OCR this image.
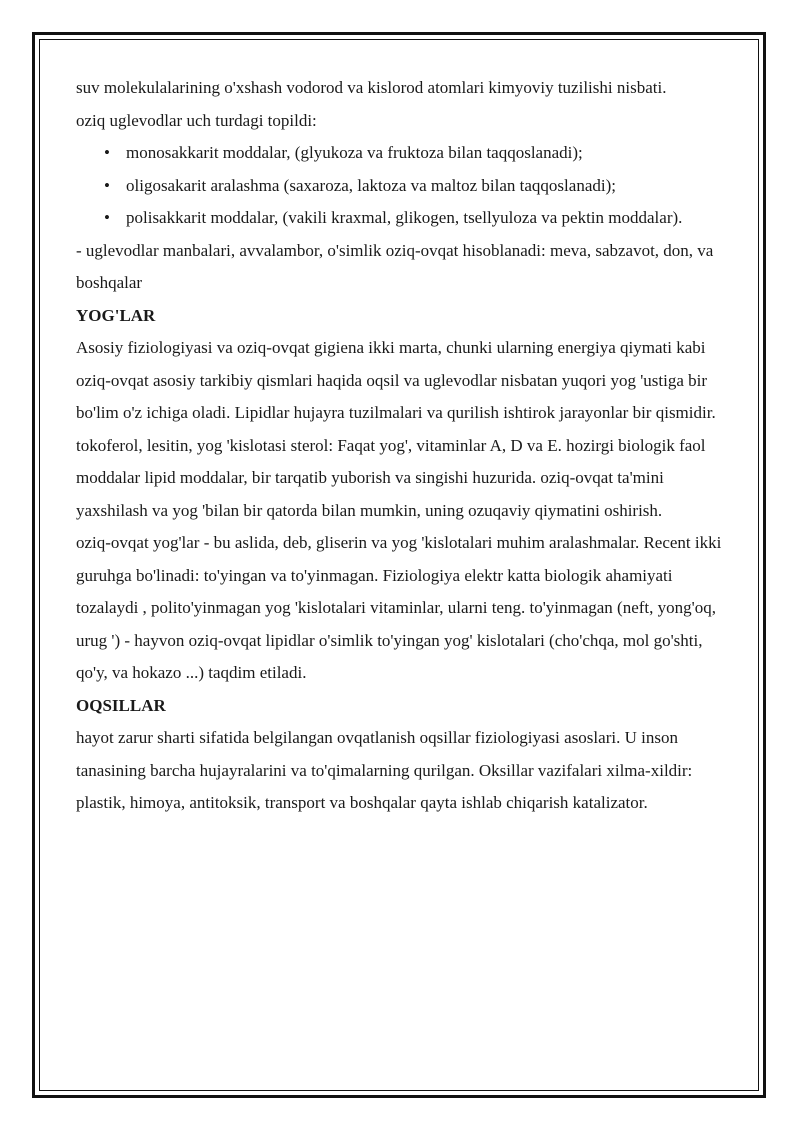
suv molekulalarining o'xshash vodorod va kislorod atomlari kimyoviy tuzilishi nisbati.

oziq uglevodlar uch turdagi topildi:

• monosakkarit moddalar, (glyukoza va fruktoza bilan taqqoslanadi);
• oligosakarit aralashma (saxaroza, laktoza va maltoz bilan taqqoslanadi);
• polisakkarit moddalar, (vakili kraxmal, glikogen, tsellyuloza va pektin moddalar).

- uglevodlar manbalari, avvalambor, o'simlik oziq-ovqat hisoblanadi: meva, sabzavot, don, va boshqalar

YOG'LAR

Asosiy fiziologiyasi va oziq-ovqat gigiena ikki marta, chunki ularning energiya qiymati kabi oziq-ovqat asosiy tarkibiy qismlari haqida oqsil va uglevodlar nisbatan yuqori yog 'ustiga bir bo'lim o'z ichiga oladi. Lipidlar hujayra tuzilmalari va qurilish ishtirok jarayonlar bir qismidir.

tokoferol, lesitin, yog 'kislotasi sterol: Faqat yog', vitaminlar A, D va E. hozirgi biologik faol moddalar lipid moddalar, bir tarqatib yuborish va singishi huzurida. oziq-ovqat ta'mini yaxshilash va yog 'bilan bir qatorda bilan mumkin, uning ozuqaviy qiymatini oshirish.

oziq-ovqat yog'lar - bu aslida, deb, gliserin va yog 'kislotalari muhim aralashmalar. Recent ikki guruhga bo'linadi: to'yingan va to'yinmagan. Fiziologiya elektr katta biologik ahamiyati tozalaydi , polito'yinmagan yog 'kislotalari vitaminlar, ularni teng. to'yinmagan (neft, yong'oq, urug ') - hayvon oziq-ovqat lipidlar o'simlik to'yingan yog' kislotalari (cho'chqa, mol go'shti, qo'y, va hokazo ...) taqdim etiladi.

OQSILLAR

hayot zarur sharti sifatida belgilangan ovqatlanish oqsillar fiziologiyasi asoslari. U inson tanasining barcha hujayralarini va to'qimalarning qurilgan. Oksillar vazifalari xilma-xildir: plastik, himoya, antitoksik, transport va boshqalar qayta ishlab chiqarish katalizator.
